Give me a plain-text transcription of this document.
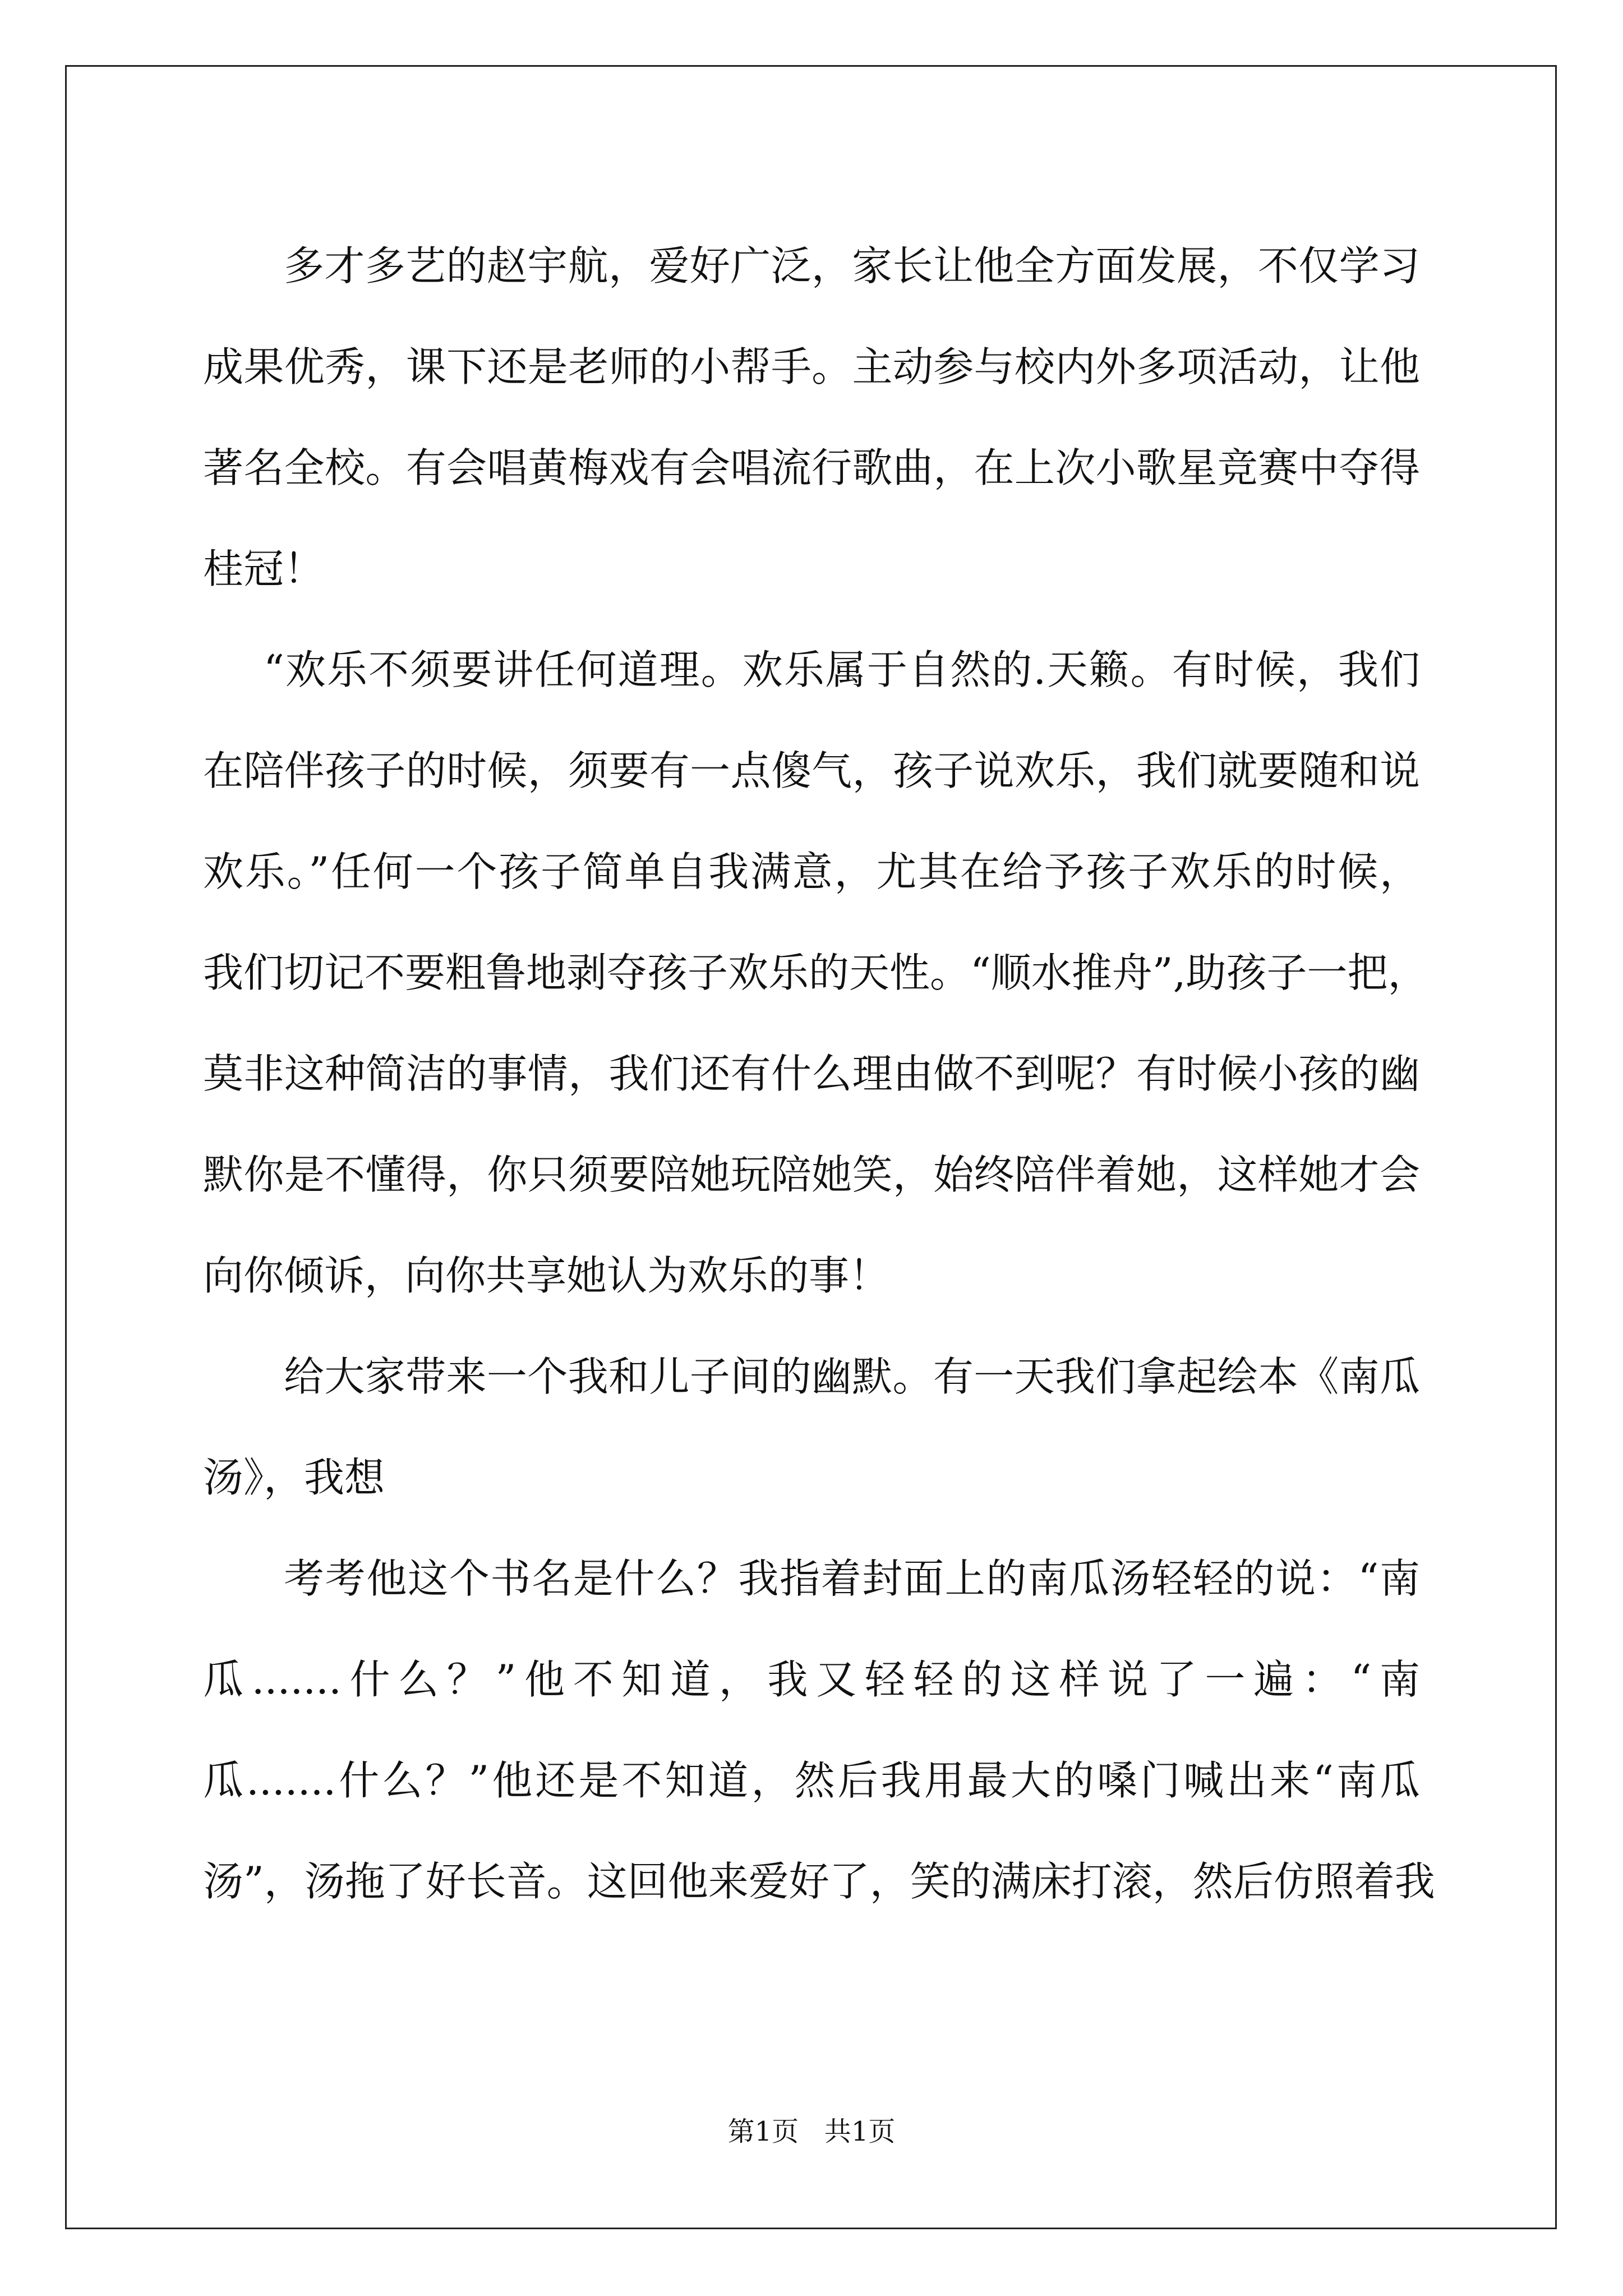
多才多艺的赵宇航，爱好广泛，家长让他全方面发展，不仅学习
成果优秀，课下还是老师的小帮手。主动参与校内外多项活动，让他
著名全校。有会唱黄梅戏有会唱流行歌曲，在上次小歌星竞赛中夺得
桂冠！
“欢乐不须要讲任何道理。欢乐属于自然的.天籁。有时候，我们
在陪伴孩子的时候，须要有一点傻气，孩子说欢乐，我们就要随和说
欢乐。”任何一个孩子简单自我满意，尤其在给予孩子欢乐的时候，
我们切记不要粗鲁地剥夺孩子欢乐的天性。“顺水推舟”,助孩子一把，
莫非这种简洁的事情，我们还有什么理由做不到呢？有时候小孩的幽
默你是不懂得，你只须要陪她玩陪她笑，始终陪伴着她，这样她才会
向你倾诉，向你共享她认为欢乐的事！
给大家带来一个我和儿子间的幽默。有一天我们拿起绘本《南瓜
汤》，我想
考考他这个书名是什么？我指着封面上的南瓜汤轻轻的说：“南
瓜.......什么？”他不知道，我又轻轻的这样说了一遍：“南
瓜.......什么？”他还是不知道，然后我用最大的嗓门喊出来“南瓜
汤”，汤拖了好长音。这回他来爱好了，笑的满床打滚，然后仿照着我
第1页   共1页
